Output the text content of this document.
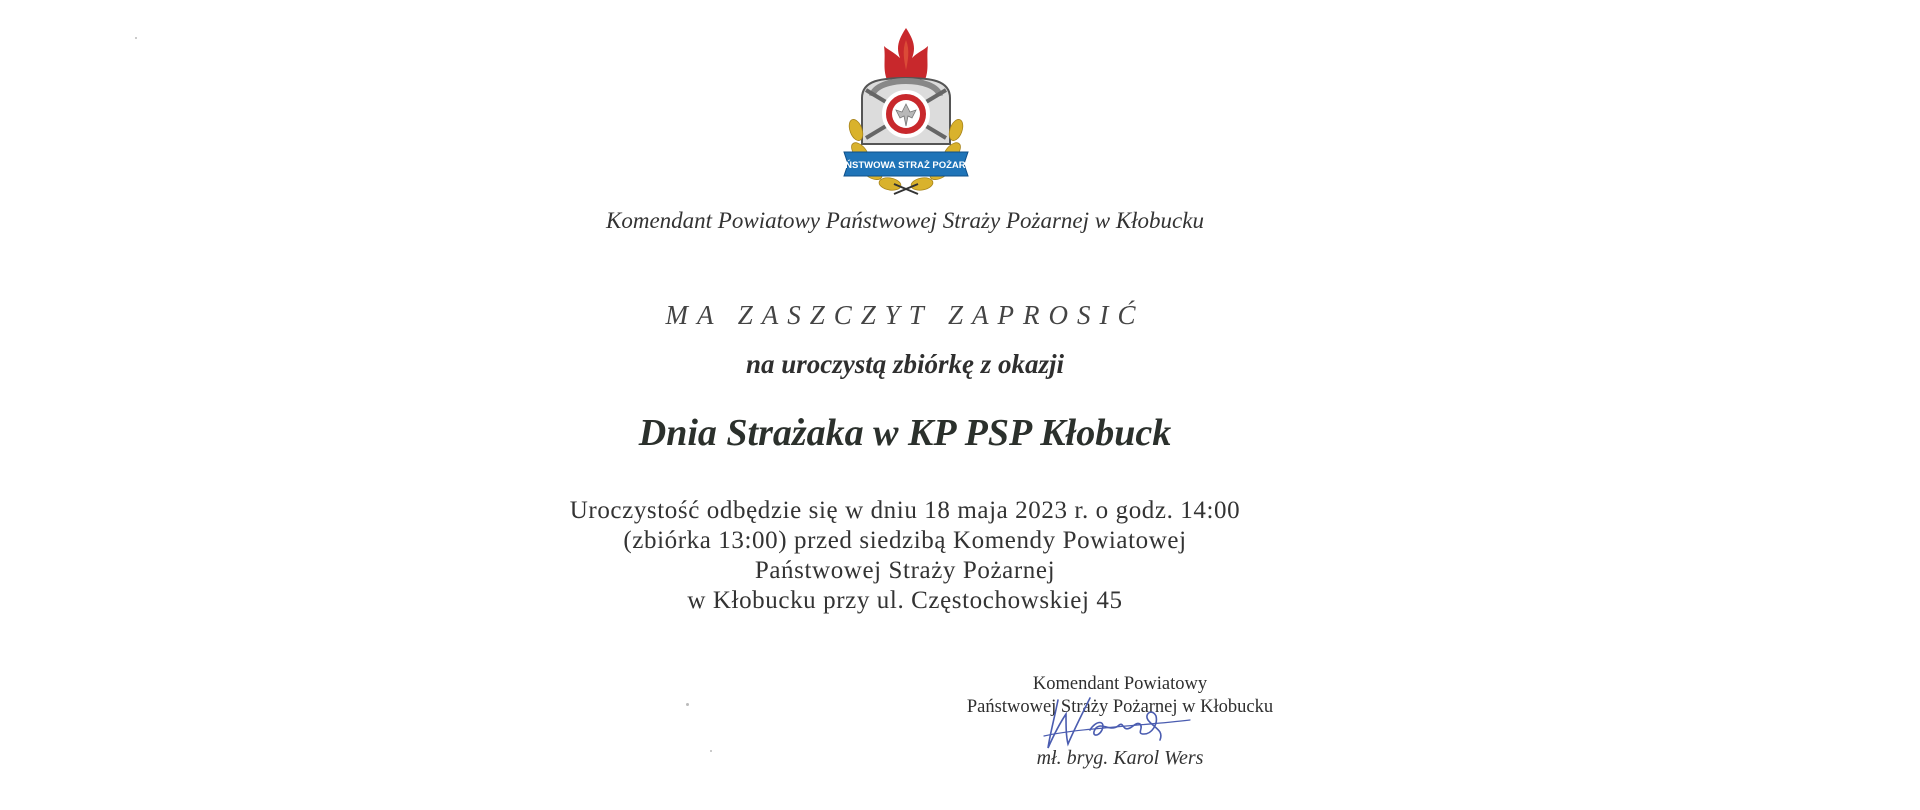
PAŃSTWOWA STRAŻ POŻARNA
Komendant Powiatowy Państwowej Straży Pożarnej w Kłobucku
MA ZASZCZYT ZAPROSIĆ
na uroczystą zbiórkę z okazji
Dnia Strażaka w KP PSP Kłobuck
Uroczystość odbędzie się w dniu 18 maja 2023 r. o godz. 14:00
(zbiórka 13:00) przed siedzibą Komendy Powiatowej
Państwowej Straży Pożarnej
w Kłobucku przy ul. Częstochowskiej 45
Komendant Powiatowy
Państwowej Straży Pożarnej w Kłobucku
mł. bryg. Karol Wers
